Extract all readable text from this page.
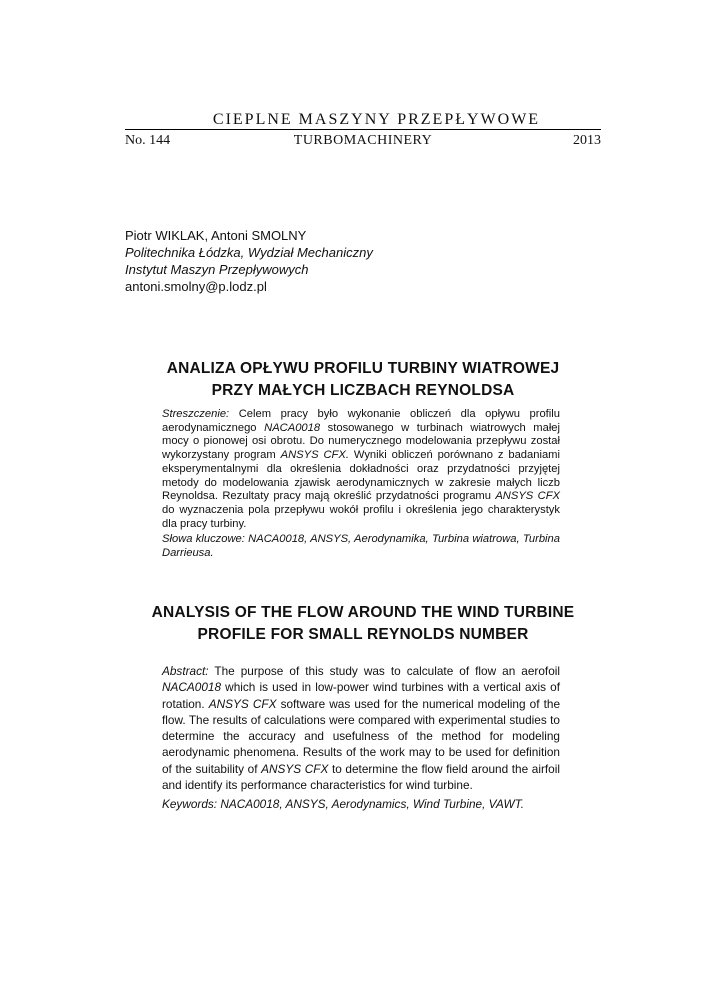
CIEPLNE MASZYNY PRZEPŁYWOWE
No. 144	TURBOMACHINERY	2013
Piotr WIKLAK, Antoni SMOLNY
Politechnika Łódzka, Wydział Mechaniczny
Instytut Maszyn Przepływowych
antoni.smolny@p.lodz.pl
ANALIZA OPŁYWU PROFILU TURBINY WIATROWEJ
PRZY MAŁYCH LICZBACH REYNOLDSA

Streszczenie: Celem pracy było wykonanie obliczeń dla opływu profilu aerodynamicznego NACA0018 stosowanego w turbinach wiatrowych małej mocy o pionowej osi obrotu. Do numerycznego modelowania przepływu został wykorzystany program ANSYS CFX. Wyniki obliczeń porównano z badaniami eksperymentalnymi dla określenia dokładności oraz przydatności przyjętej metody do modelowania zjawisk aerodynamicznych w zakresie małych liczb Reynoldsa. Rezultaty pracy mają określić przydatności programu ANSYS CFX do wyznaczenia pola przepływu wokół profilu i określenia jego charakterystyk dla pracy turbiny.

Słowa kluczowe: NACA0018, ANSYS, Aerodynamika, Turbina wiatrowa, Turbina Darrieusa.

ANALYSIS OF THE FLOW AROUND THE WIND TURBINE
PROFILE FOR SMALL REYNOLDS NUMBER

Abstract: The purpose of this study was to calculate of flow an aerofoil NACA0018 which is used in low-power wind turbines with a vertical axis of rotation. ANSYS CFX software was used for the numerical modeling of the flow. The results of calculations were compared with experimental studies to determine the accuracy and usefulness of the method for modeling aerodynamic phenomena. Results of the work may to be used for definition of the suitability of ANSYS CFX to determine the flow field around the airfoil and identify its performance characteristics for wind turbine.

Keywords: NACA0018, ANSYS, Aerodynamics, Wind Turbine, VAWT.
